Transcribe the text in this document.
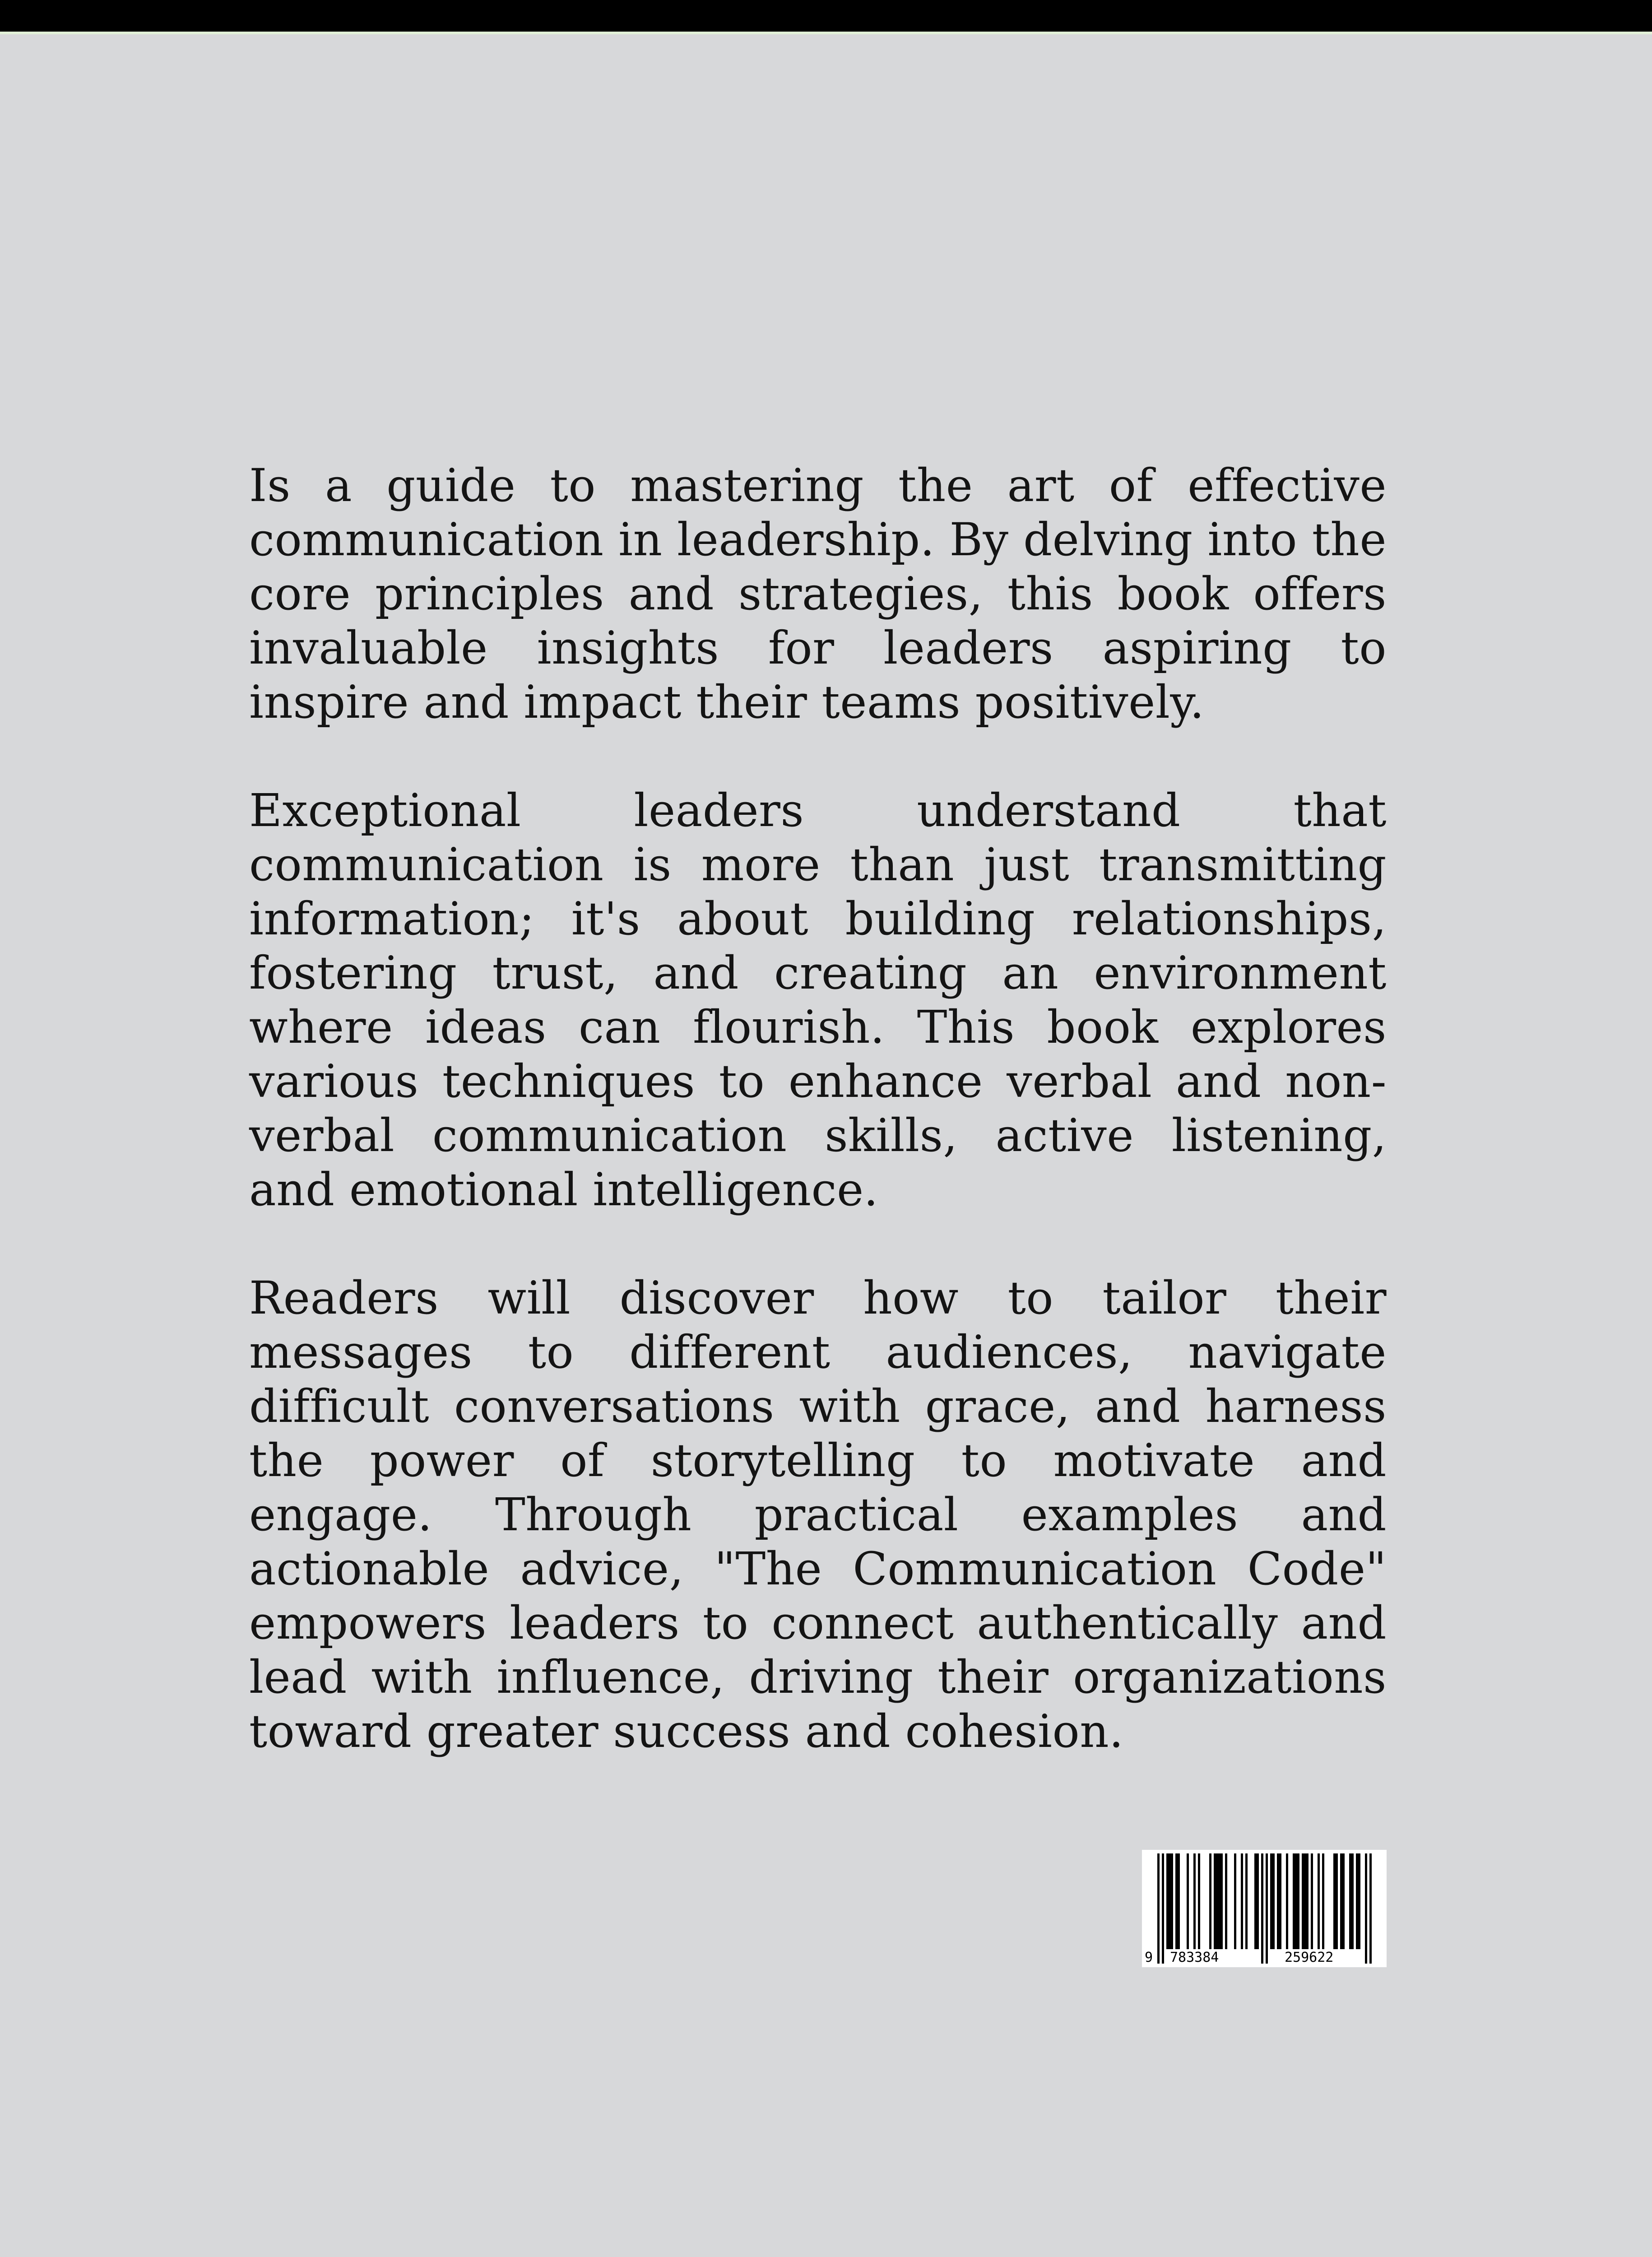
Is a guide to mastering the art of effective communication in leadership. By delving into the core principles and strategies, this book offers invaluable insights for leaders aspiring to inspire and impact their teams positively.

Exceptional leaders understand that communication is more than just transmitting information; it's about building relationships, fostering trust, and creating an environment where ideas can flourish. This book explores various techniques to enhance verbal and non-verbal communication skills, active listening, and emotional intelligence.

Readers will discover how to tailor their messages to different audiences, navigate difficult conversations with grace, and harness the power of storytelling to motivate and engage. Through practical examples and actionable advice, "The Communication Code" empowers leaders to connect authentically and lead with influence, driving their organizations toward greater success and cohesion.

9 783384	259622
